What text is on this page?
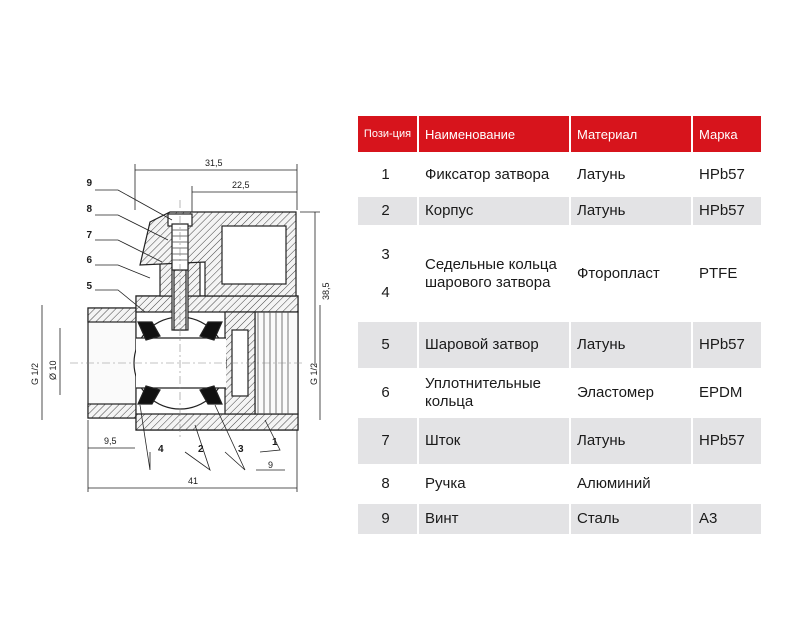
9
8
7
6
5
4	2	3
1
9
31,5
22,5
38,5
G 1/2 Ø 10	G 1/2
9,5
41
Пози-ция	Наименование	Материал	Марка
1	Фиксатор затвора	Латунь	HPb57
2	Корпус	Латунь	HPb57

3
4	Седельные кольца шарового затвора	Фторопласт	PTFE
5	Шаровой затвор	Латунь	HPb57
6	Уплотнительные кольца	Эластомер	EPDM
7	Шток	Латунь	HPb57
8	Ручка	Алюминий	
9	Винт	Сталь	А3
